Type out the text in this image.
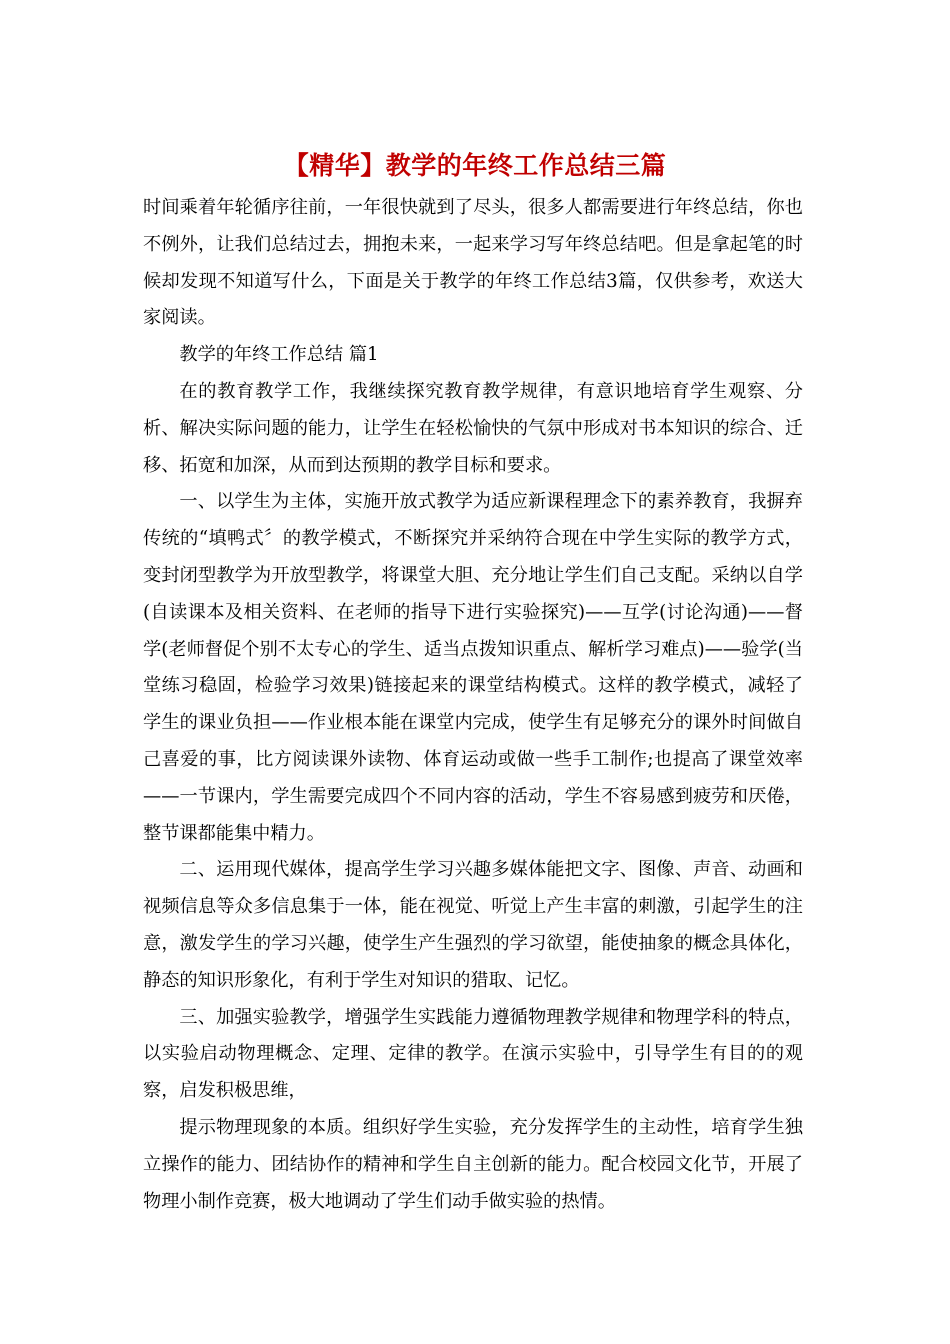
【精华】教学的年终工作总结三篇

时间乘着年轮循序往前，一年很快就到了尽头，很多人都需要进行年终总结，你也不例外，让我们总结过去，拥抱未来，一起来学习写年终总结吧。但是拿起笔的时候却发现不知道写什么，下面是关于教学的年终工作总结3篇，仅供参考，欢送大家阅读。

教学的年终工作总结 篇1

在的教育教学工作，我继续探究教育教学规律，有意识地培育学生观察、分析、解决实际问题的能力，让学生在轻松愉快的气氛中形成对书本知识的综合、迁移、拓宽和加深，从而到达预期的教学目标和要求。

一、以学生为主体，实施开放式教学为适应新课程理念下的素养教育，我摒弃传统的“填鸭式〞的教学模式，不断探究并采纳符合现在中学生实际的教学方式，变封闭型教学为开放型教学，将课堂大胆、充分地让学生们自己支配。采纳以自学(自读课本及相关资料、在老师的指导下进行实验探究)——互学(讨论沟通)——督学(老师督促个别不太专心的学生、适当点拨知识重点、解析学习难点)——验学(当堂练习稳固，检验学习效果)链接起来的课堂结构模式。这样的教学模式，减轻了学生的课业负担——作业根本能在课堂内完成，使学生有足够充分的课外时间做自己喜爱的事，比方阅读课外读物、体育运动或做一些手工制作;也提高了课堂效率——一节课内，学生需要完成四个不同内容的活动，学生不容易感到疲劳和厌倦，整节课都能集中精力。

二、运用现代媒体，提高学生学习兴趣多媒体能把文字、图像、声音、动画和视频信息等众多信息集于一体，能在视觉、听觉上产生丰富的刺激，引起学生的注意，激发学生的学习兴趣，使学生产生强烈的学习欲望，能使抽象的概念具体化，静态的知识形象化，有利于学生对知识的猎取、记忆。

三、加强实验教学，增强学生实践能力遵循物理教学规律和物理学科的特点，以实验启动物理概念、定理、定律的教学。在演示实验中，引导学生有目的的观察，启发积极思维，

提示物理现象的本质。组织好学生实验，充分发挥学生的主动性，培育学生独立操作的能力、团结协作的精神和学生自主创新的能力。配合校园文化节，开展了物理小制作竞赛，极大地调动了学生们动手做实验的热情。
